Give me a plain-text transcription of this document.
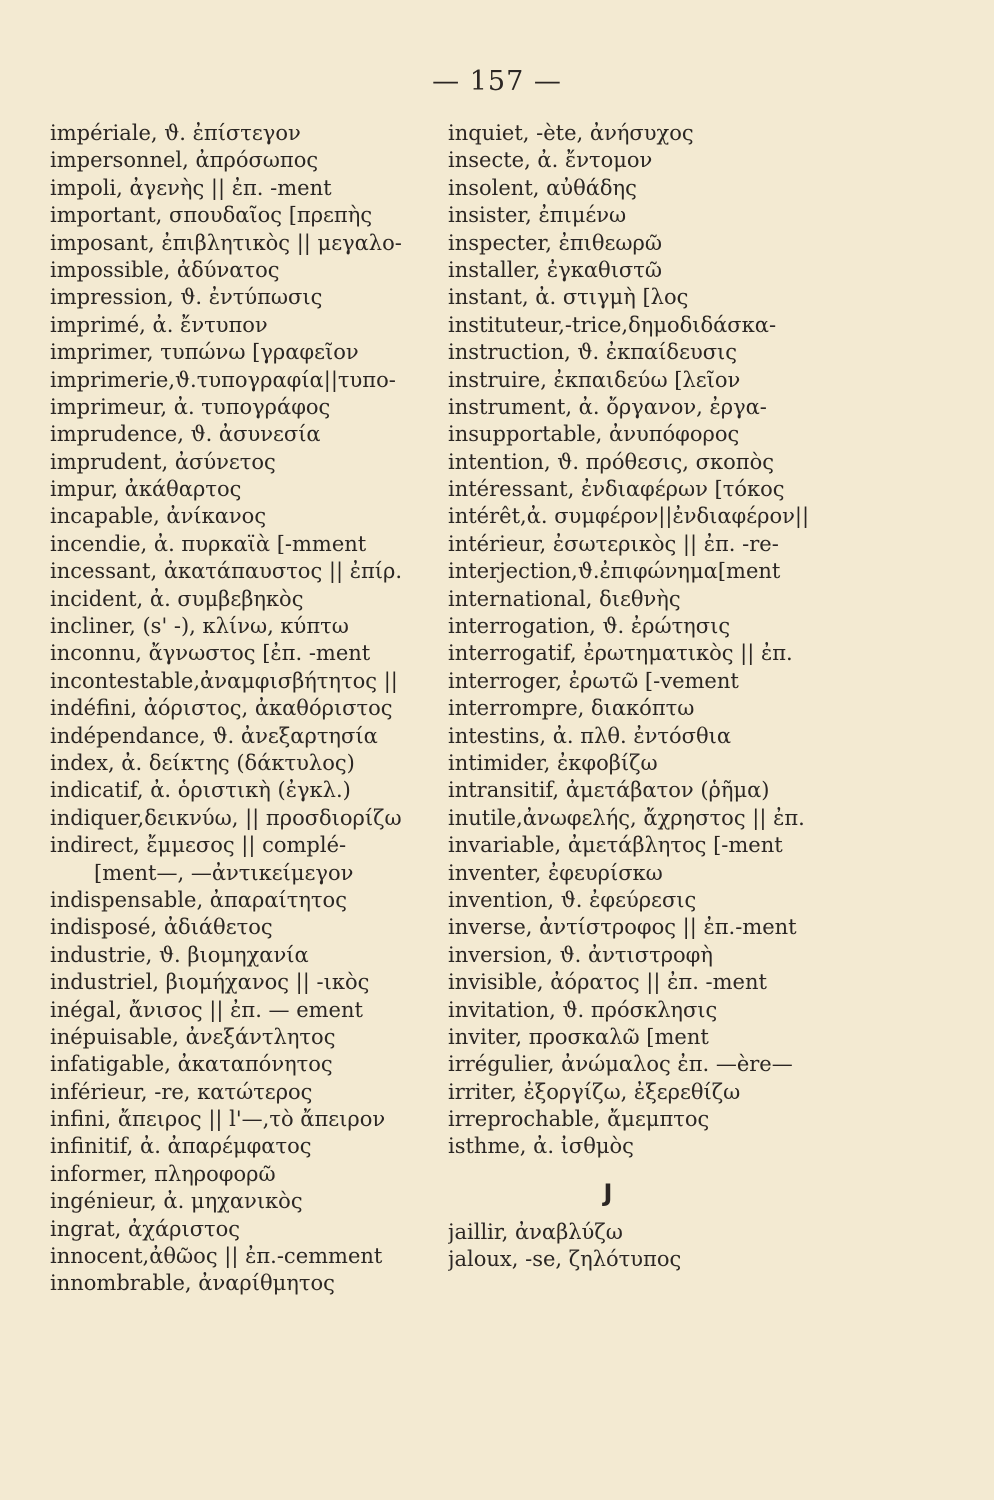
— 157 —
impériale, ϑ. ἐπίστεγον
impersonnel, ἀπρόσωπος
impoli, ἀγενὴς || ἐπ. -ment
important, σπουδαῖος [πρεπὴς
imposant, ἐπιβλητικὸς || μεγαλο-
impossible, ἀδύνατος
impression, ϑ. ἐντύπωσις
imprimé, ἀ. ἔντυπον
imprimer, τυπώνω [γραφεῖον
imprimerie,ϑ.τυπογραφία||τυπο-
imprimeur, ἀ. τυπογράφος
imprudence, ϑ. ἀσυνεσία
imprudent, ἀσύνετος
impur, ἀκάθαρτος
incapable, ἀνίκανος
incendie, ἀ. πυρκαϊὰ [-mment
incessant, ἀκατάπαυστος || ἐπίρ.
incident, ἀ. συμβεβηκὸς
incliner, (s' -), κλίνω, κύπτω
inconnu, ἄγνωστος [ἐπ. -ment
incontestable,ἀναμφισβήτητος ||
indéfini, ἀόριστος, ἀκαθόριστος
indépendance, ϑ. ἀνεξαρτησία
index, ἀ. δείκτης (δάκτυλος)
indicatif, ἀ. ὁριστικὴ (ἐγκλ.)
indiquer,δεικνύω, || προσδιορίζω
indirect, ἔμμεσος || complé-
[ment—, —ἀντικείμεγον
indispensable, ἀπαραίτητος
indisposé, ἀδιάθετος
industrie, ϑ. βιομηχανία
industriel, βιομήχανος || -ικὸς
inégal, ἄνισος || ἐπ. — ement
inépuisable, ἀνεξάντλητος
infatigable, ἀκαταπόνητος
inférieur, -re, κατώτερος
infini, ἄπειρος || l'—,τὸ ἄπειρον
infinitif, ἀ. ἀπαρέμφατος
informer, πληροφορῶ
ingénieur, ἀ. μηχανικὸς
ingrat, ἀχάριστος
innocent,ἀθῶος || ἐπ.-cemment
innombrable, ἀναρίθμητος
inquiet, -ète, ἀνήσυχος
insecte, ἀ. ἔντομον
insolent, αὐθάδης
insister, ἐπιμένω
inspecter, ἐπιθεωρῶ
installer, ἐγκαθιστῶ
instant, ἀ. στιγμὴ [λος
instituteur,-trice,δημοδιδάσκα-
instruction, ϑ. ἐκπαίδευσις
instruire, ἐκπαιδεύω [λεῖον
instrument, ἀ. ὄργανον, ἐργα-
insupportable, ἀνυπόφορος
intention, ϑ. πρόθεσις, σκοπὸς
intéressant, ἐνδιαφέρων [τόκος
intérêt,ἀ. συμφέρον||ἐνδιαφέρον||
intérieur, ἐσωτερικὸς || ἐπ. -re-
interjection,ϑ.ἐπιφώνημα[ment
international, διεθνὴς
interrogation, ϑ. ἐρώτησις
interrogatif, ἐρωτηματικὸς || ἐπ.
interroger, ἐρωτῶ [-vement
interrompre, διακόπτω
intestins, ἀ. πλθ. ἐντόσθια
intimider, ἐκφοβίζω
intransitif, ἀμετάβατον (ῥῆμα)
inutile,ἀνωφελής, ἄχρηστος || ἐπ.
invariable, ἀμετάβλητος [-ment
inventer, ἐφευρίσκω
invention, ϑ. ἐφεύρεσις
inverse, ἀντίστροφος || ἐπ.-ment
inversion, ϑ. ἀντιστροφὴ
invisible, ἀόρατος || ἐπ. -ment
invitation, ϑ. πρόσκλησις
inviter, προσκαλῶ [ment
irrégulier, ἀνώμαλος ἐπ. —ère—
irriter, ἐξοργίζω, ἐξερεθίζω
irreprochable, ἄμεμπτος
isthme, ἀ. ἰσθμὸς
J
jaillir, ἀναβλύζω
jaloux, -se, ζηλότυπος
